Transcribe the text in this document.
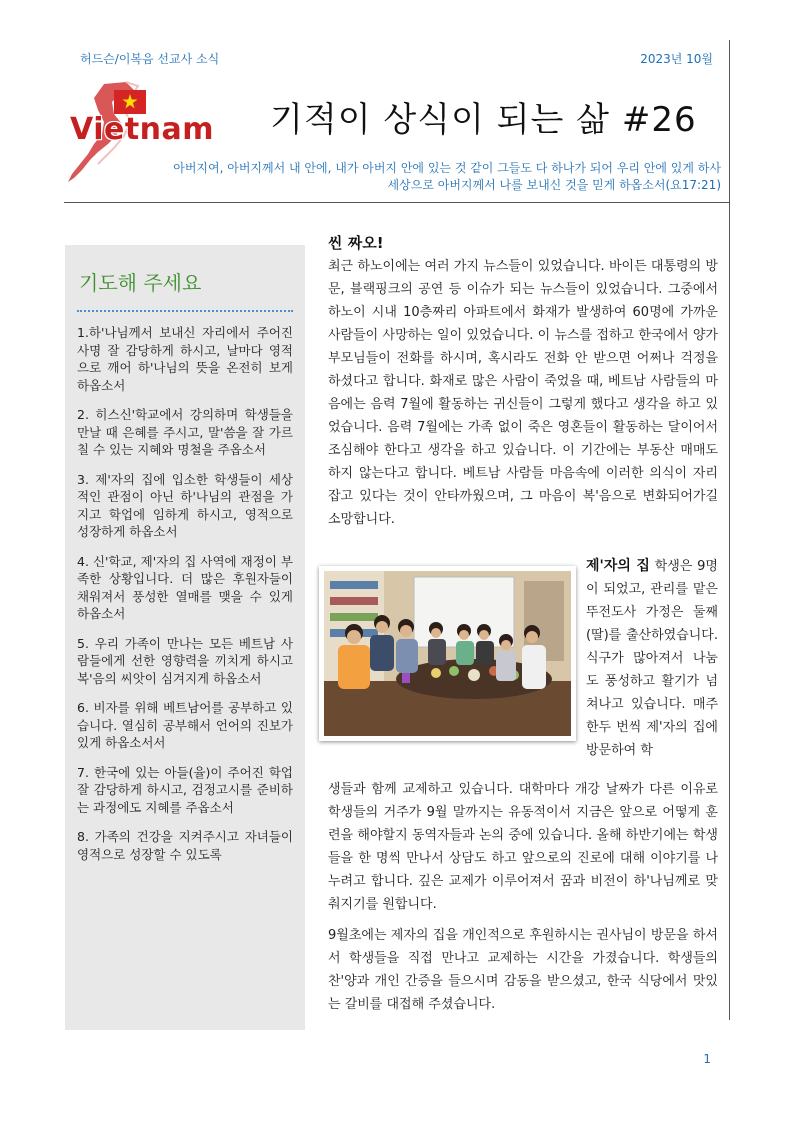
허드슨/이복음 선교사 소식	2023년 10월
Vietnam 기적이 상식이 되는 삶 #26
아버지여, 아버지께서 내 안에, 내가 아버지 안에 있는 것 같이 그들도 다 하나가 되어 우리 안에 있게 하사
세상으로 아버지께서 나를 보내신 것을 믿게 하옵소서(요17:21)
기도해 주세요
1.하'나님께서 보내신 자리에서 주어진 사명 잘 감당하게 하시고, 날마다 영적으로 깨어 하'나님의 뜻을 온전히 보게 하옵소서
2. 히스신'학교에서 강의하며 학생들을 만날 때 은혜를 주시고, 말'씀을 잘 가르칠 수 있는 지혜와 명철을 주옵소서
3. 제'자의 집에 입소한 학생들이 세상적인 관점이 아닌 하'나님의 관점을 가지고 학업에 임하게 하시고, 영적으로 성장하게 하옵소서
4. 신'학교, 제'자의 집 사역에 재정이 부족한 상황입니다. 더 많은 후원자들이 채워져서 풍성한 열매를 맺을 수 있게 하옵소서
5. 우리 가족이 만나는 모든 베트남 사람들에게 선한 영향력을 끼치게 하시고 복'음의 씨앗이 심겨지게 하옵소서
6. 비자를 위해 베트남어를 공부하고 있습니다. 열심히 공부해서 언어의 진보가 있게 하옵소서서
7. 한국에 있는 아들(율)이 주어진 학업 잘 감당하게 하시고, 검정고시를 준비하는 과정에도 지혜를 주옵소서
8. 가족의 건강을 지켜주시고 자녀들이 영적으로 성장할 수 있도록
씬 짜오!

최근 하노이에는 여러 가지 뉴스들이 있었습니다. 바이든 대통령의 방문, 블랙핑크의 공연 등 이슈가 되는 뉴스들이 있었습니다. 그중에서 하노이 시내 10층짜리 아파트에서 화재가 발생하여 60명에 가까운 사람들이 사망하는 일이 있었습니다. 이 뉴스를 접하고 한국에서 양가 부모님들이 전화를 하시며, 혹시라도 전화 안 받으면 어쩌나 걱정을 하셨다고 합니다. 화재로 많은 사람이 죽었을 때, 베트남 사람들의 마음에는 음력 7월에 활동하는 귀신들이 그렇게 했다고 생각을 하고 있었습니다. 음력 7월에는 가족 없이 죽은 영혼들이 활동하는 달이어서 조심해야 한다고 생각을 하고 있습니다. 이 기간에는 부동산 매매도 하지 않는다고 합니다. 베트남 사람들 마음속에 이러한 의식이 자리 잡고 있다는 것이 안타까웠으며, 그 마음이 복'음으로 변화되어가길 소망합니다.

제'자의 집 학생은 9명이 되었고, 관리를 맡은 뚜전도사 가정은 둘째(딸)를 출산하였습니다. 식구가 많아져서 나눔도 풍성하고 활기가 넘쳐나고 있습니다. 매주 한두 번씩 제'자의 집에 방문하여 학

생들과 함께 교제하고 있습니다. 대학마다 개강 날짜가 다른 이유로 학생들의 거주가 9월 말까지는 유동적이서 지금은 앞으로 어떻게 훈련을 해야할지 동역자들과 논의 중에 있습니다. 올해 하반기에는 학생들을 한 명씩 만나서 상담도 하고 앞으로의 진로에 대해 이야기를 나누려고 합니다. 깊은 교제가 이루어져서 꿈과 비전이 하'나님께로 맞춰지기를 원합니다.

9월초에는 제자의 집을 개인적으로 후원하시는 권사님이 방문을 하셔서 학생들을 직접 만나고 교제하는 시간을 가졌습니다. 학생들의 찬'양과 개인 간증을 들으시며 감동을 받으셨고, 한국 식당에서 맛있는 갈비를 대접해 주셨습니다.

1
